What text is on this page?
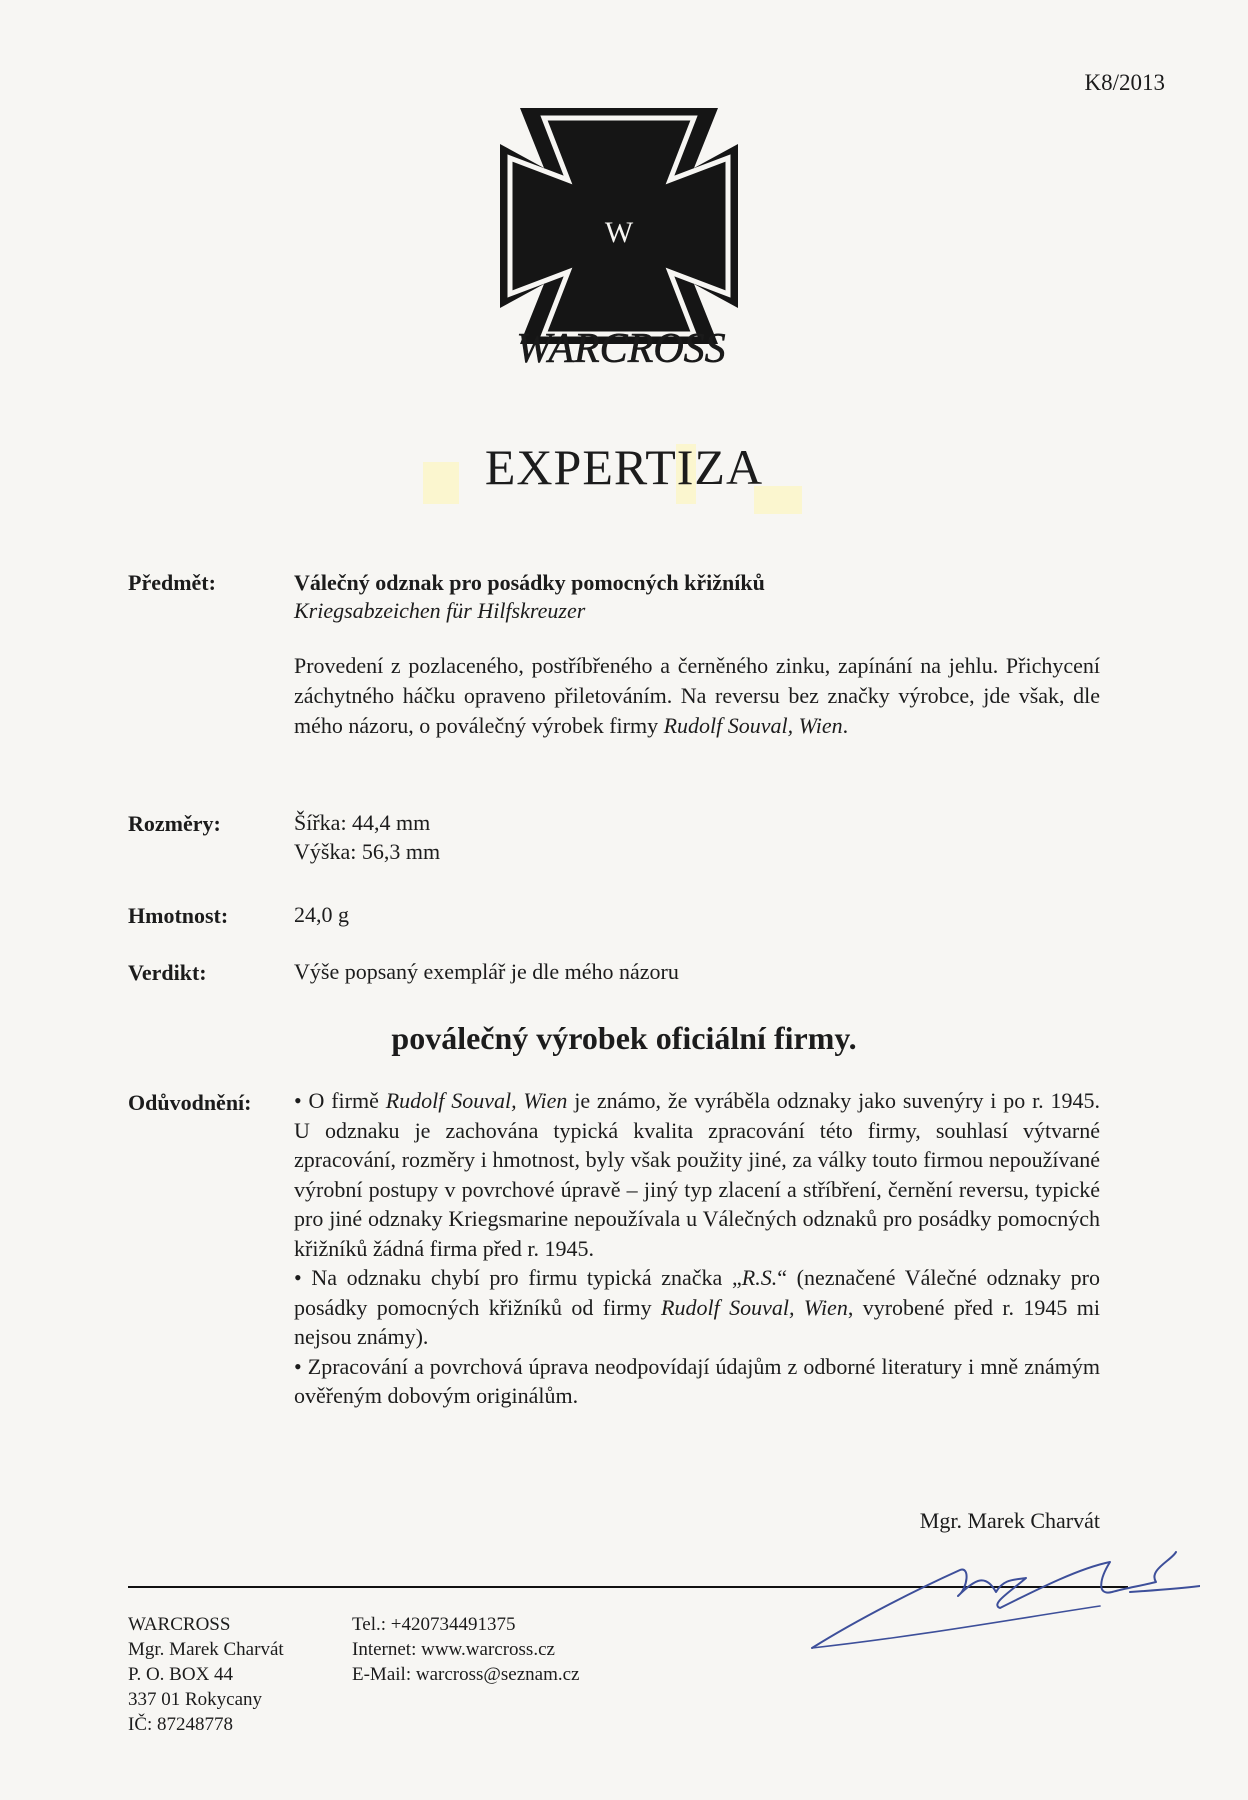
K8/2013
W
WARCROSS
EXPERTIZA
Předmět:	Válečný odznak pro posádky pomocných křižníků
Kriegsabzeichen für Hilfskreuzer
Provedení z pozlaceného, postříbřeného a černěného zinku, zapínání na jehlu. Přichycení záchytného háčku opraveno přiletováním. Na reversu bez značky výrobce, jde však, dle mého názoru, o poválečný výrobek firmy Rudolf Souval, Wien.
Rozměry:	Šířka: 44,4 mm
Výška: 56,3 mm
Hmotnost:	24,0 g
Verdikt:	Výše popsaný exemplář je dle mého názoru
poválečný výrobek oficiální firmy.
Odůvodnění: • O firmě Rudolf Souval, Wien je známo, že vyráběla odznaky jako suvenýry i po r. 1945. U odznaku je zachována typická kvalita zpracování této firmy, souhlasí výtvarné zpracování, rozměry i hmotnost, byly však použity jiné, za války touto firmou nepoužívané výrobní postupy v povrchové úpravě – jiný typ zlacení a stříbření, černění reversu, typické pro jiné odznaky Kriegsmarine nepoužívala u Válečných odznaků pro posádky pomocných křižníků žádná firma před r. 1945.
• Na odznaku chybí pro firmu typická značka „R.S.“ (neznačené Válečné odznaky pro posádky pomocných křižníků od firmy Rudolf Souval, Wien, vyrobené před r. 1945 mi nejsou známy).
• Zpracování a povrchová úprava neodpovídají údajům z odborné literatury i mně známým ověřeným dobovým originálům.
Mgr. Marek Charvát
WARCROSS
Mgr. Marek Charvát
P. O. BOX 44
337 01 Rokycany
IČ: 87248778
Tel.: +420734491375
Internet: www.warcross.cz
E-Mail: warcross@seznam.cz
